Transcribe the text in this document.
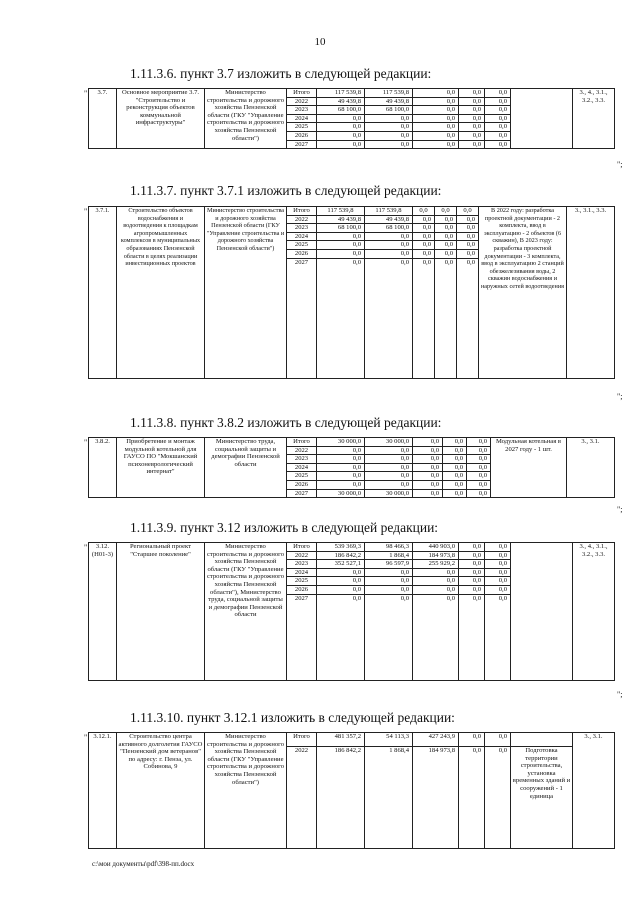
10
1.11.3.6. пункт 3.7 изложить в следующей редакции:
" 3.7.	Основное мероприятие 3.7. "Строительство и реконструкция объектов коммунальной инфраструктуры"	Министерство строительства и дорожного хозяйства Пензенской области (ГКУ "Управление строительства и дорожного хозяйства Пензенской области")	Итого	117 539,8	117 539,8	0,0	0,0	0,0		3., 4., 3.1., 3.2., 3.3.
			2022	49 439,8	49 439,8	0,0	0,0	0,0		
			2023	68 100,0	68 100,0	0,0	0,0	0,0		
			2024	0,0	0,0	0,0	0,0	0,0		
			2025	0,0	0,0	0,0	0,0	0,0		
			2026	0,0	0,0	0,0	0,0	0,0		
			2027	0,0	0,0	0,0	0,0	0,0		
";
1.11.3.7. пункт 3.7.1 изложить в следующей редакции:
" 3.7.1.	Строительство объектов водоснабжения и водоотведения к площадкам агропромышленных комплексов в муниципальных образованиях Пензенской области в целях реализации инвестиционных проектов	Министерство строительства и дорожного хозяйства Пензенской области (ГКУ "Управление строительства и дорожного хозяйства Пензенской области")	Итого	117 539,8	117 539,8	0,0	0,0	0,0	В 2022 году: разработка проектной документации - 2 комплекта, ввод в эксплуатацию - 2 объектов (6 скважин), В 2023 году: разработка проектной документации - 3 комплекта, ввод в эксплуатацию 2 станций обезжелезивания воды, 2 скважин водоснабжения и наружных сетей водоотведения	3., 3.1., 3.3.
			2022	49 439,8	49 439,8	0,0	0,0	0,0		
			2023	68 100,0	68 100,0	0,0	0,0	0,0		
			2024	0,0	0,0	0,0	0,0	0,0		
			2025	0,0	0,0	0,0	0,0	0,0		
			2026	0,0	0,0	0,0	0,0	0,0		
			2027	0,0	0,0	0,0	0,0	0,0		
";
1.11.3.8. пункт 3.8.2 изложить в следующей редакции:
" 3.8.2.	Приобретение и монтаж модульной котельной для ГАУСО ПО "Мокшанский психоневрологический интернат"	Министерство труда, социальной защиты и демографии Пензенской области	Итого	30 000,0	30 000,0	0,0	0,0	0,0	Модульная котельная в 2027 году - 1 шт.	3., 3.1.
			2022	0,0	0,0	0,0	0,0	0,0		
			2023	0,0	0,0	0,0	0,0	0,0		
			2024	0,0	0,0	0,0	0,0	0,0		
			2025	0,0	0,0	0,0	0,0	0,0		
			2026	0,0	0,0	0,0	0,0	0,0		
			2027	30 000,0	30 000,0	0,0	0,0	0,0		
";
1.11.3.9. пункт 3.12 изложить в следующей редакции:
" 3.12. (Н01-3)	Региональный проект "Старшее поколение"	Министерство строительства и дорожного хозяйства Пензенской области (ГКУ "Управление строительства и дорожного хозяйства Пензенской области"), Министерство труда, социальной защиты и демографии Пензенской области	Итого	539 369,3	98 466,3	440 903,0	0,0	0,0		3., 4., 3.1., 3.2., 3.3.
			2022	186 842,2	1 868,4	184 973,8	0,0	0,0		
			2023	352 527,1	96 597,9	255 929,2	0,0	0,0		
			2024	0,0	0,0	0,0	0,0	0,0		
			2025	0,0	0,0	0,0	0,0	0,0		
			2026	0,0	0,0	0,0	0,0	0,0		
			2027	0,0	0,0	0,0	0,0	0,0		
";
1.11.3.10. пункт 3.12.1 изложить в следующей редакции:
" 3.12.1.	Строительство центра активного долголетия ГАУСО "Пензенский дом ветеранов" по адресу: г. Пенза, ул. Собинова, 9	Министерство строительства и дорожного хозяйства Пензенской области (ГКУ "Управление строительства и дорожного хозяйства Пензенской области")	Итого	481 357,2	54 113,3	427 243,9	0,0	0,0		3., 3.1.
			2022	186 842,2	1 868,4	184 973,8	0,0	0,0	Подготовка территории строительства, установка временных зданий и сооружений - 1 единица	
c:\мои документы\pdf\398-пп.docx
